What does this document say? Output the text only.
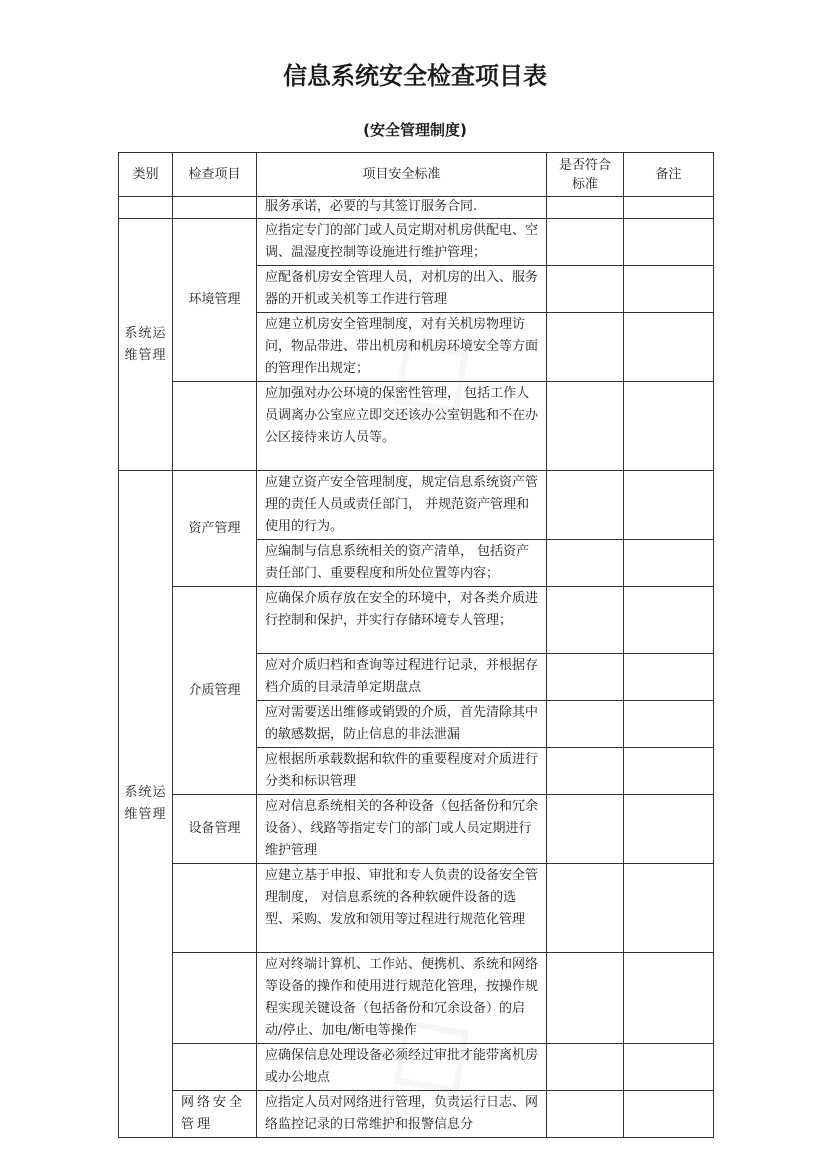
信息系统安全检查项目表
(安全管理制度)
类别	检查项目	项目安全标准	是否符合标准	备注
		服务承诺，必要的与其签订服务合同.		

系统运维管理	环境管理	应指定专门的部门或人员定期对机房供配电、空调、温湿度控制等设施进行维护管理；		
		应配备机房安全管理人员，对机房的出入、服务器的开机或关机等工作进行管理		
		应建立机房安全管理制度，对有关机房物理访问，物品带进、带出机房和机房环境安全等方面的管理作出规定；		
		应加强对办公环境的保密性管理， 包括工作人员调离办公室应立即交还该办公室钥匙和不在办公区接待来访人员等。		

系统运维管理	资产管理	应建立资产安全管理制度，规定信息系统资产管理的责任人员或责任部门， 并规范资产管理和使用的行为。		
		应编制与信息系统相关的资产清单， 包括资产责任部门、重要程度和所处位置等内容；		
	介质管理	应确保介质存放在安全的环境中，对各类介质进行控制和保护，并实行存储环境专人管理；		
		应对介质归档和查询等过程进行记录，并根据存档介质的目录清单定期盘点		
		应对需要送出维修或销毁的介质，首先清除其中的敏感数据，防止信息的非法泄漏		
		应根据所承载数据和软件的重要程度对介质进行分类和标识管理		
	设备管理	应对信息系统相关的各种设备（包括备份和冗余设备）、线路等指定专门的部门或人员定期进行维护管理		
		应建立基于申报、审批和专人负责的设备安全管理制度， 对信息系统的各种软硬件设备的选型、采购、发放和领用等过程进行规范化管理		
		应对终端计算机、工作站、便携机、系统和网络等设备的操作和使用进行规范化管理，按操作规程实现关键设备（包括备份和冗余设备）的启动/停止、加电/断电等操作		
		应确保信息处理设备必须经过审批才能带离机房或办公地点		
	网络安全管理	应指定人员对网络进行管理，负责运行日志、网络监控记录的日常维护和报警信息分		
